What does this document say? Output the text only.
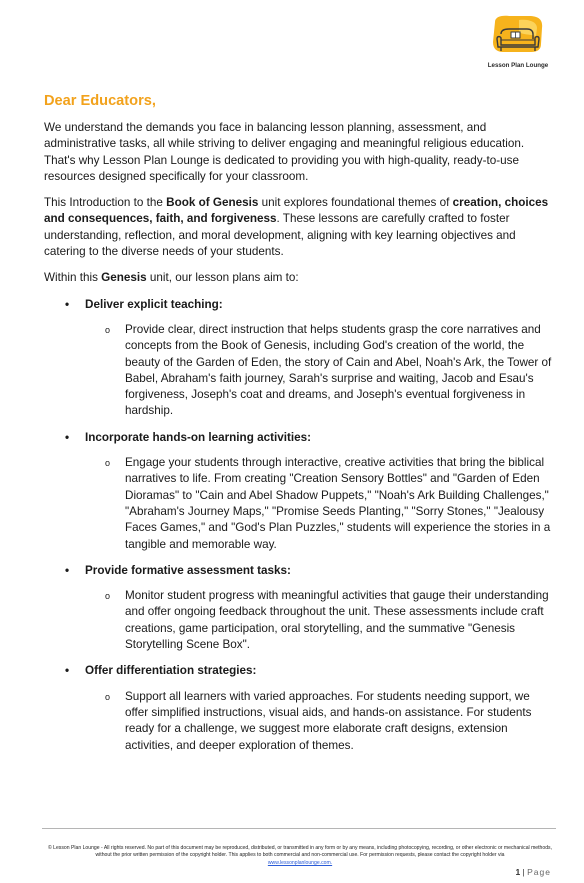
Lesson Plan Lounge
Dear Educators,

We understand the demands you face in balancing lesson planning, assessment, and administrative tasks, all while striving to deliver engaging and meaningful religious education. That's why Lesson Plan Lounge is dedicated to providing you with high-quality, ready-to-use resources designed specifically for your classroom.

This Introduction to the Book of Genesis unit explores foundational themes of creation, choices and consequences, faith, and forgiveness. These lessons are carefully crafted to foster understanding, reflection, and moral development, aligning with key learning objectives and catering to the diverse needs of your students.

Within this Genesis unit, our lesson plans aim to:

• Deliver explicit teaching:
o Provide clear, direct instruction that helps students grasp the core narratives and concepts from the Book of Genesis, including God's creation of the world, the beauty of the Garden of Eden, the story of Cain and Abel, Noah's Ark, the Tower of Babel, Abraham's faith journey, Sarah's surprise and waiting, Jacob and Esau's forgiveness, Joseph's coat and dreams, and Joseph's eventual forgiveness in hardship.
• Incorporate hands-on learning activities:
o Engage your students through interactive, creative activities that bring the biblical narratives to life. From creating "Creation Sensory Bottles" and "Garden of Eden Dioramas" to "Cain and Abel Shadow Puppets," "Noah's Ark Building Challenges," "Abraham's Journey Maps," "Promise Seeds Planting," "Sorry Stones," "Jealousy Faces Games," and "God's Plan Puzzles," students will experience the stories in a tangible and memorable way.
• Provide formative assessment tasks:
o Monitor student progress with meaningful activities that gauge their understanding and offer ongoing feedback throughout the unit. These assessments include craft creations, game participation, oral storytelling, and the summative "Genesis Storytelling Scene Box".
• Offer differentiation strategies:
o Support all learners with varied approaches. For students needing support, we offer simplified instructions, visual aids, and hands-on assistance. For students ready for a challenge, we suggest more elaborate craft designs, extension activities, and deeper exploration of themes.
© Lesson Plan Lounge - All rights reserved. No part of this document may be reproduced, distributed, or transmitted in any form or by any means, including photocopying, recording, or other electronic or mechanical methods, without the prior written permission of the copyright holder. This applies to both commercial and non-commercial use. For permission requests, please contact the copyright holder via
www.lessonplanlounge.com.
1 | Page
